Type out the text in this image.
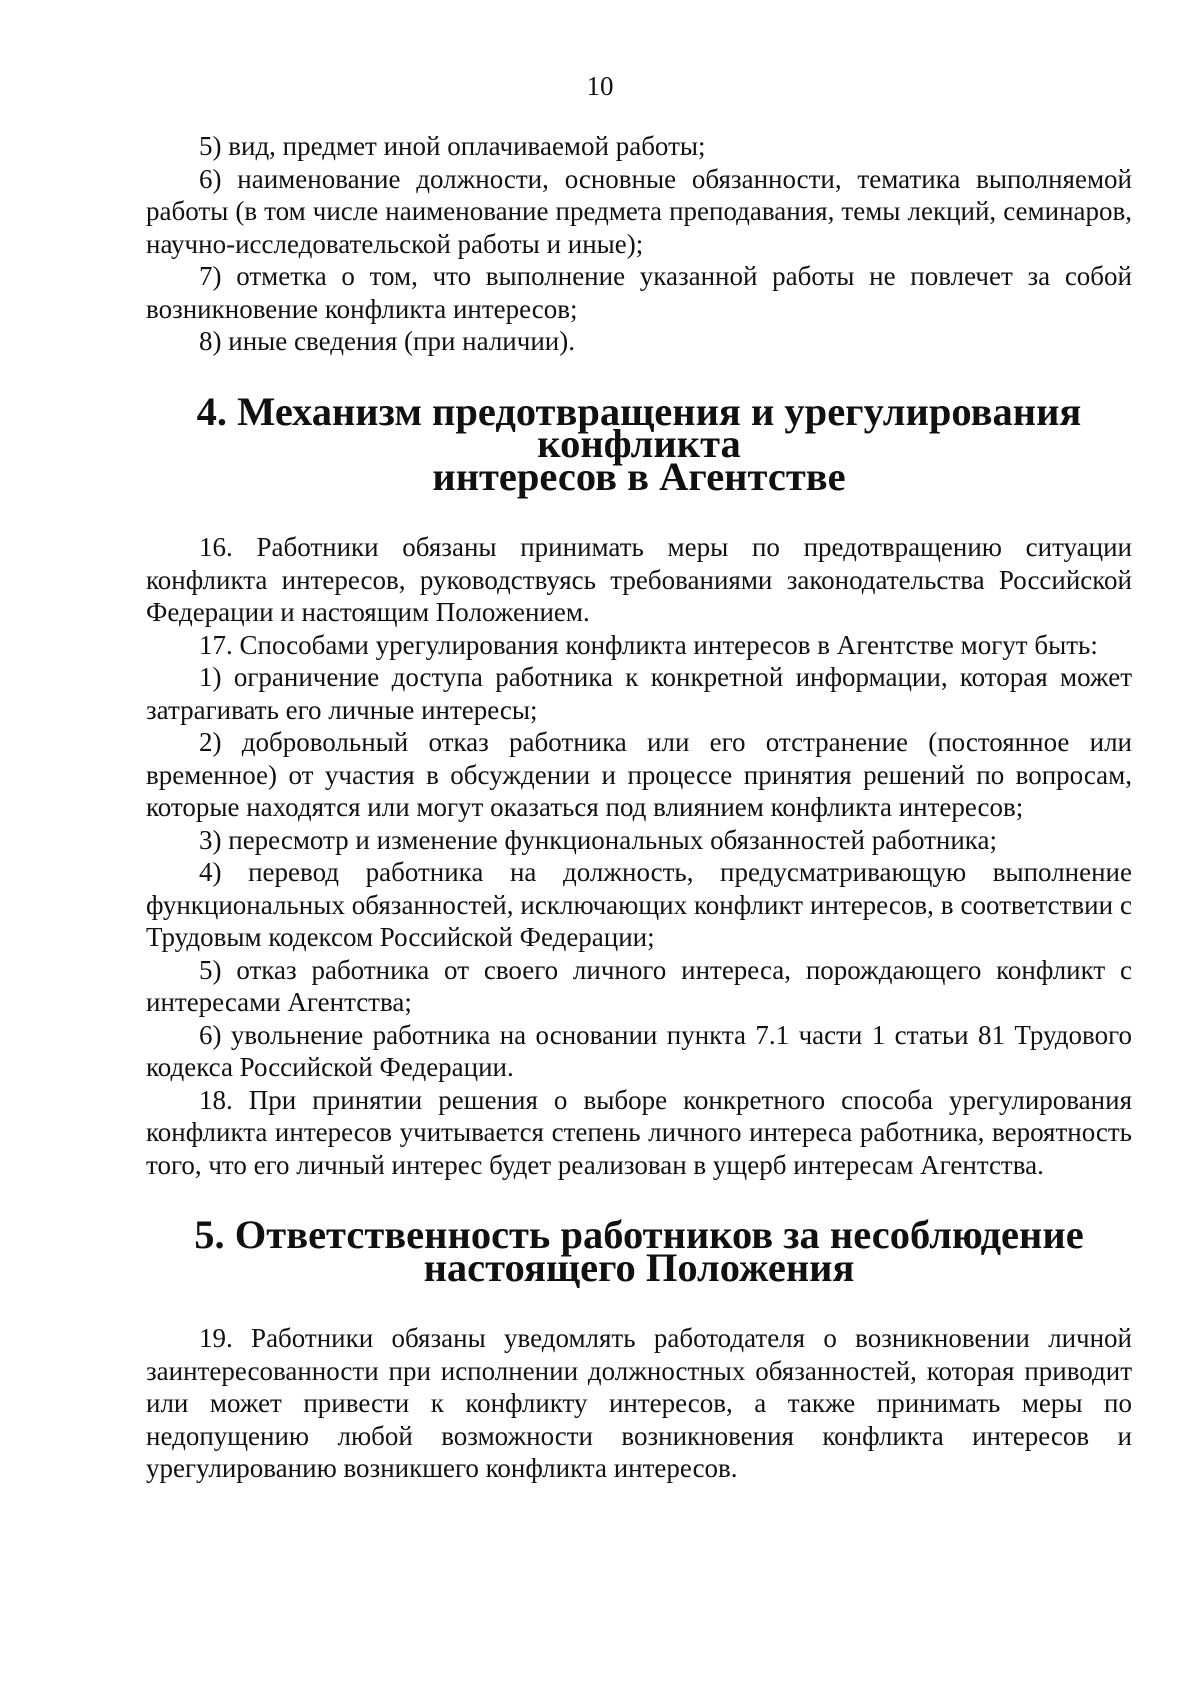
10

5) вид, предмет иной оплачиваемой работы;

6) наименование должности, основные обязанности, тематика выполняемой работы (в том числе наименование предмета преподавания, темы лекций, семинаров, научно-исследовательской работы и иные);

7) отметка о том, что выполнение указанной работы не повлечет за собой возникновение конфликта интересов;

8) иные сведения (при наличии).

4. Механизм предотвращения и урегулирования конфликта
интересов в Агентстве

16. Работники обязаны принимать меры по предотвращению ситуации конфликта интересов, руководствуясь требованиями законодательства Российской Федерации и настоящим Положением.

17. Способами урегулирования конфликта интересов в Агентстве могут быть:

1) ограничение доступа работника к конкретной информации, которая может затрагивать его личные интересы;

2) добровольный отказ работника или его отстранение (постоянное или временное) от участия в обсуждении и процессе принятия решений по вопросам, которые находятся или могут оказаться под влиянием конфликта интересов;

3) пересмотр и изменение функциональных обязанностей работника;

4) перевод работника на должность, предусматривающую выполнение функциональных обязанностей, исключающих конфликт интересов, в соответствии с Трудовым кодексом Российской Федерации;

5) отказ работника от своего личного интереса, порождающего конфликт с интересами Агентства;

6) увольнение работника на основании пункта 7.1 части 1 статьи 81 Трудового кодекса Российской Федерации.

18. При принятии решения о выборе конкретного способа урегулирования конфликта интересов учитывается степень личного интереса работника, вероятность того, что его личный интерес будет реализован в ущерб интересам Агентства.

5. Ответственность работников за несоблюдение
настоящего Положения

19. Работники обязаны уведомлять работодателя о возникновении личной заинтересованности при исполнении должностных обязанностей, которая приводит или может привести к конфликту интересов, а также принимать меры по недопущению любой возможности возникновения конфликта интересов и урегулированию возникшего конфликта интересов.
